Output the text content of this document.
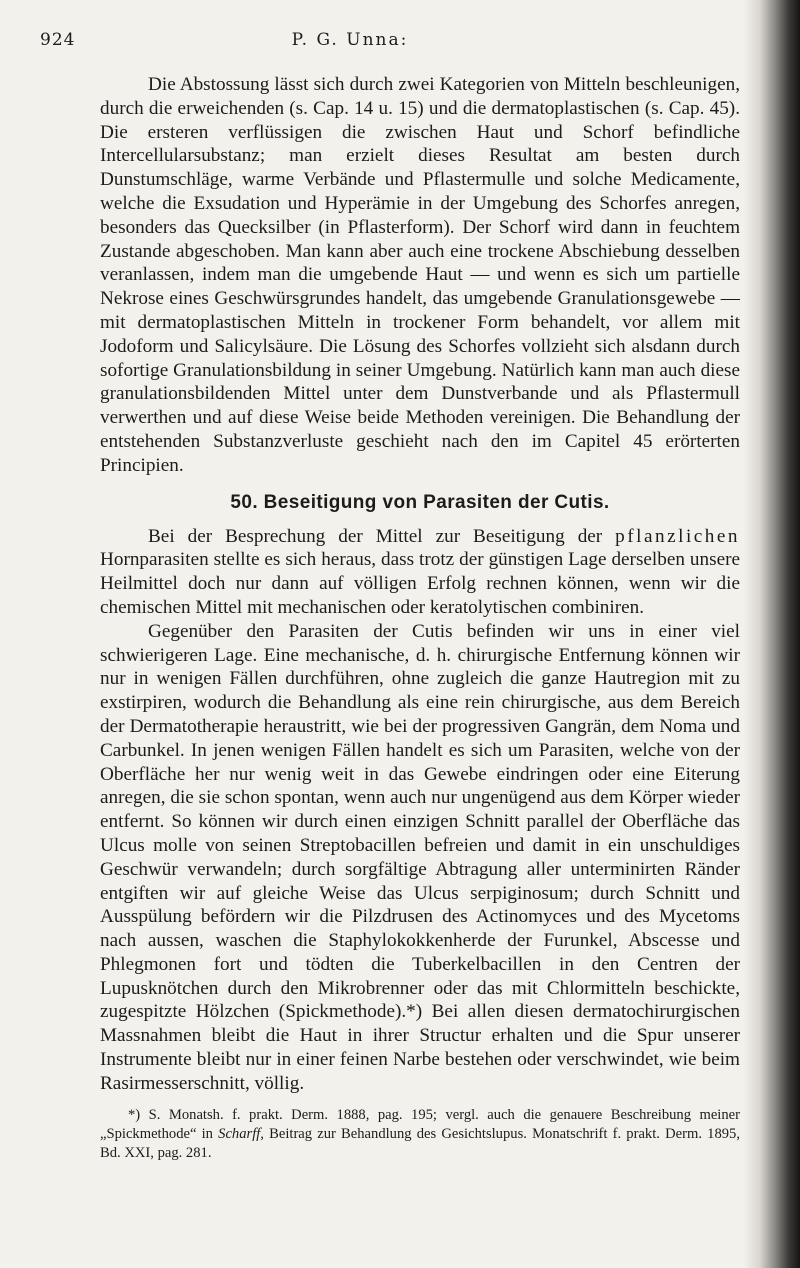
924	P. G. Unna:

Die Abstossung lässt sich durch zwei Kategorien von Mitteln beschleunigen, durch die erweichenden (s. Cap. 14 u. 15) und die dermatoplastischen (s. Cap. 45). Die ersteren verflüssigen die zwischen Haut und Schorf befindliche Intercellularsubstanz; man erzielt dieses Resultat am besten durch Dunstumschläge, warme Verbände und Pflastermulle und solche Medicamente, welche die Exsudation und Hyperämie in der Umgebung des Schorfes anregen, besonders das Quecksilber (in Pflasterform). Der Schorf wird dann in feuchtem Zustande abgeschoben. Man kann aber auch eine trockene Abschiebung desselben veranlassen, indem man die umgebende Haut — und wenn es sich um partielle Nekrose eines Geschwürsgrundes handelt, das umgebende Granulationsgewebe — mit dermatoplastischen Mitteln in trockener Form behandelt, vor allem mit Jodoform und Salicylsäure. Die Lösung des Schorfes vollzieht sich alsdann durch sofortige Granulationsbildung in seiner Umgebung. Natürlich kann man auch diese granulationsbildenden Mittel unter dem Dunstverbande und als Pflastermull verwerthen und auf diese Weise beide Methoden vereinigen. Die Behandlung der entstehenden Substanzverluste geschieht nach den im Capitel 45 erörterten Principien.

50. Beseitigung von Parasiten der Cutis.

Bei der Besprechung der Mittel zur Beseitigung der pflanzlichen Hornparasiten stellte es sich heraus, dass trotz der günstigen Lage derselben unsere Heilmittel doch nur dann auf völligen Erfolg rechnen können, wenn wir die chemischen Mittel mit mechanischen oder keratolytischen combiniren.

Gegenüber den Parasiten der Cutis befinden wir uns in einer viel schwierigeren Lage. Eine mechanische, d. h. chirurgische Entfernung können wir nur in wenigen Fällen durchführen, ohne zugleich die ganze Hautregion mit zu exstirpiren, wodurch die Behandlung als eine rein chirurgische, aus dem Bereich der Dermatotherapie heraustritt, wie bei der progressiven Gangrän, dem Noma und Carbunkel. In jenen wenigen Fällen handelt es sich um Parasiten, welche von der Oberfläche her nur wenig weit in das Gewebe eindringen oder eine Eiterung anregen, die sie schon spontan, wenn auch nur ungenügend aus dem Körper wieder entfernt. So können wir durch einen einzigen Schnitt parallel der Oberfläche das Ulcus molle von seinen Streptobacillen befreien und damit in ein unschuldiges Geschwür verwandeln; durch sorgfältige Abtragung aller unterminirten Ränder entgiften wir auf gleiche Weise das Ulcus serpiginosum; durch Schnitt und Ausspülung befördern wir die Pilzdrusen des Actinomyces und des Mycetoms nach aussen, waschen die Staphylokokkenherde der Furunkel, Abscesse und Phlegmonen fort und tödten die Tuberkelbacillen in den Centren der Lupusknötchen durch den Mikrobrenner oder das mit Chlormitteln beschickte, zugespitzte Hölzchen (Spickmethode).*) Bei allen diesen dermatochirurgischen Massnahmen bleibt die Haut in ihrer Structur erhalten und die Spur unserer Instrumente bleibt nur in einer feinen Narbe bestehen oder verschwindet, wie beim Rasirmesserschnitt, völlig.

*) S. Monatsh. f. prakt. Derm. 1888, pag. 195; vergl. auch die genauere Beschreibung meiner „Spickmethode“ in Scharff, Beitrag zur Behandlung des Gesichtslupus. Monatschrift f. prakt. Derm. 1895, Bd. XXI, pag. 281.
